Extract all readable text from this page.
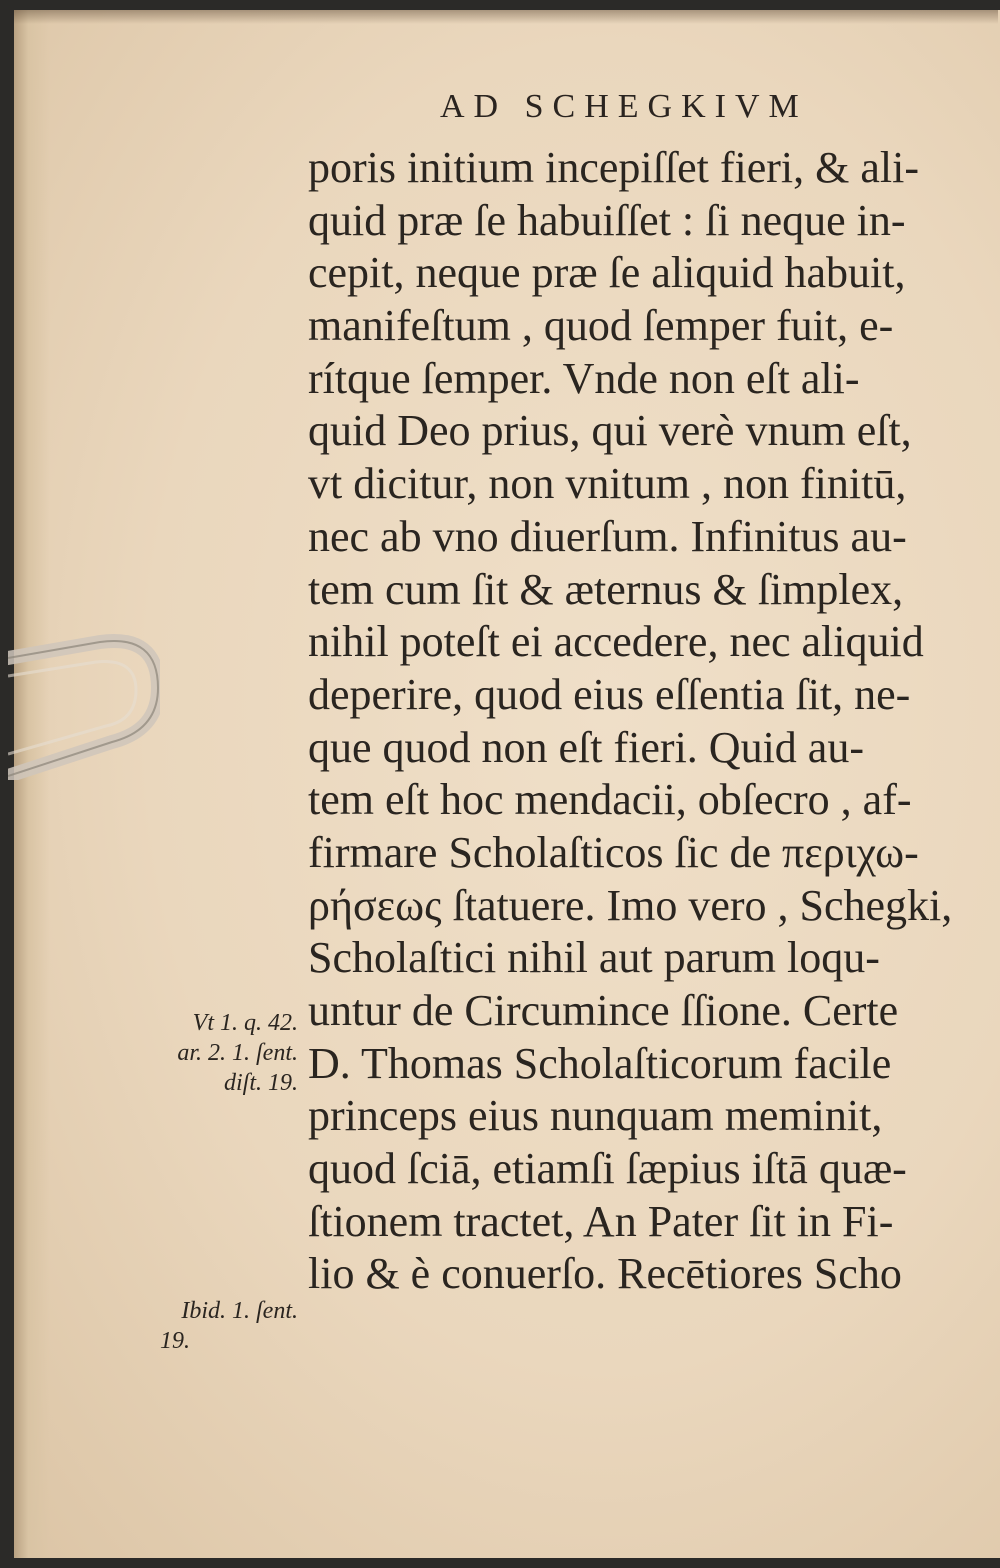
AD SCHEGKIVM
poris initium incepiſſet fieri, & ali-
quid præ ſe habuiſſet : ſi neque in-
cepit, neque præ ſe aliquid habuit,
manifeſtum , quod ſemper fuit, e-
rítque ſemper. Vnde non eſt ali-
quid Deo prius, qui verè vnum eſt,
vt dicitur, non vnitum , non finitū,
nec ab vno diuerſum. Infinitus au-
tem cum ſit & æternus & ſimplex,
nihil poteſt ei accedere, nec aliquid
deperire, quod eius eſſentia ſit, ne-
que quod non eſt fieri. Quid au-
tem eſt hoc mendacii, obſecro , af-
firmare Scholaſticos ſic de περιχω-
ρήσεως ſtatuere. Imo vero , Schegki,
Scholaſtici nihil aut parum loqu-
untur de Circumince ſſione. Certe
D. Thomas Scholaſticorum facile
princeps eius nunquam meminit,
quod ſciā, etiamſi ſæpius iſtā quæ-
ſtionem tractet, An Pater ſit in Fi-
lio & è conuerſo. Recētiores Scho
Vt 1. q. 42.
ar. 2. 1. ſent.
diſt. 19.
Ibid. 1. ſent.
19.
